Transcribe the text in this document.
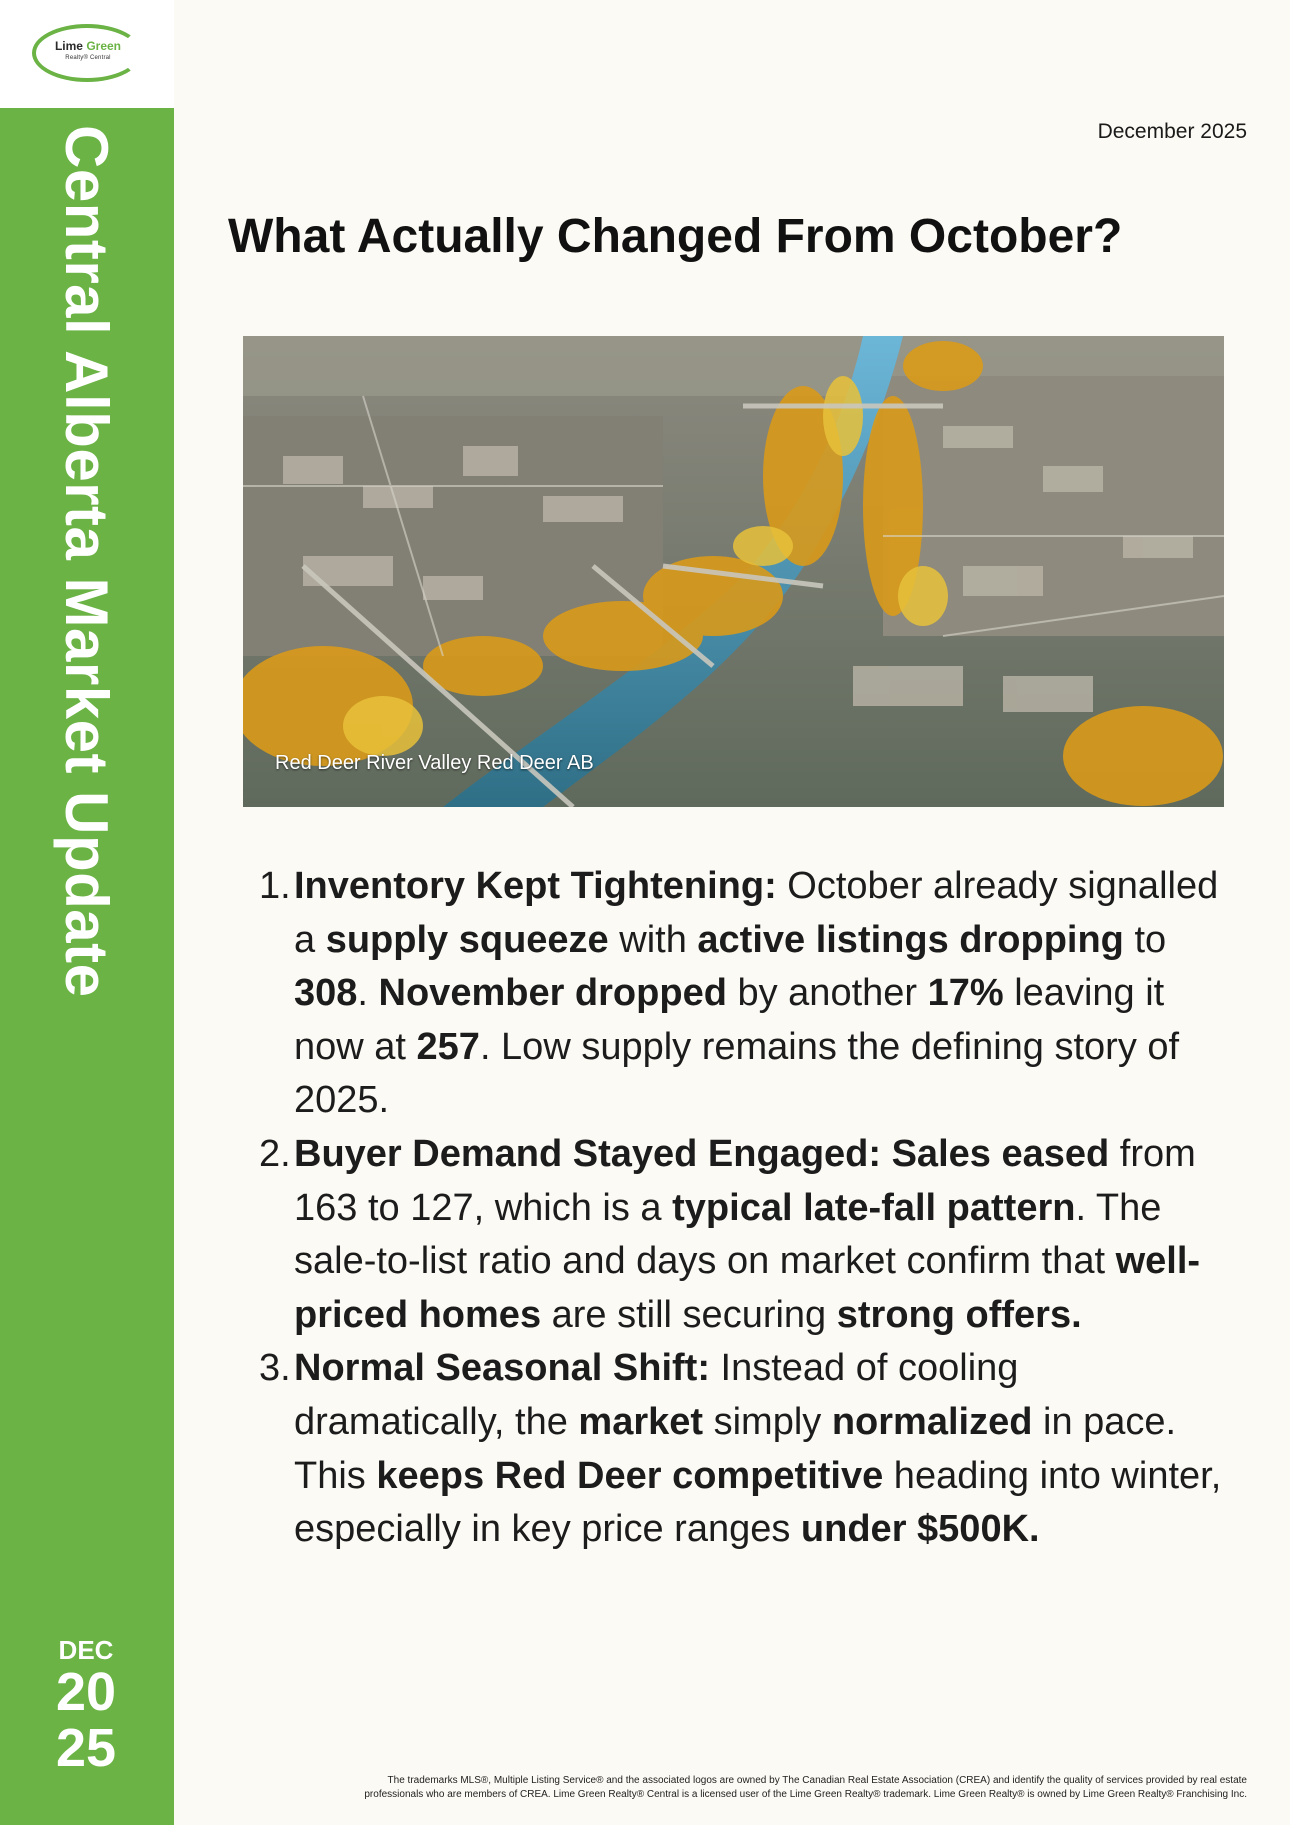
Lime Green
Realty® Central
Central Alberta Market Update
DEC
20
25
December 2025
What Actually Changed From October?
Red Deer River Valley Red Deer AB
1. Inventory Kept Tightening: October already signalled a supply squeeze with active listings dropping to 308. November dropped by another 17% leaving it now at 257. Low supply remains the defining story of 2025.
2. Buyer Demand Stayed Engaged: Sales eased from 163 to 127, which is a typical late-fall pattern. The sale-to-list ratio and days on market confirm that well-priced homes are still securing strong offers.
3. Normal Seasonal Shift: Instead of cooling dramatically, the market simply normalized in pace. This keeps Red Deer competitive heading into winter, especially in key price ranges under $500K.
The trademarks MLS®, Multiple Listing Service® and the associated logos are owned by The Canadian Real Estate Association (CREA) and identify the quality of services provided by real estate
professionals who are members of CREA. Lime Green Realty® Central is a licensed user of the Lime Green Realty® trademark. Lime Green Realty® is owned by Lime Green Realty® Franchising Inc.
